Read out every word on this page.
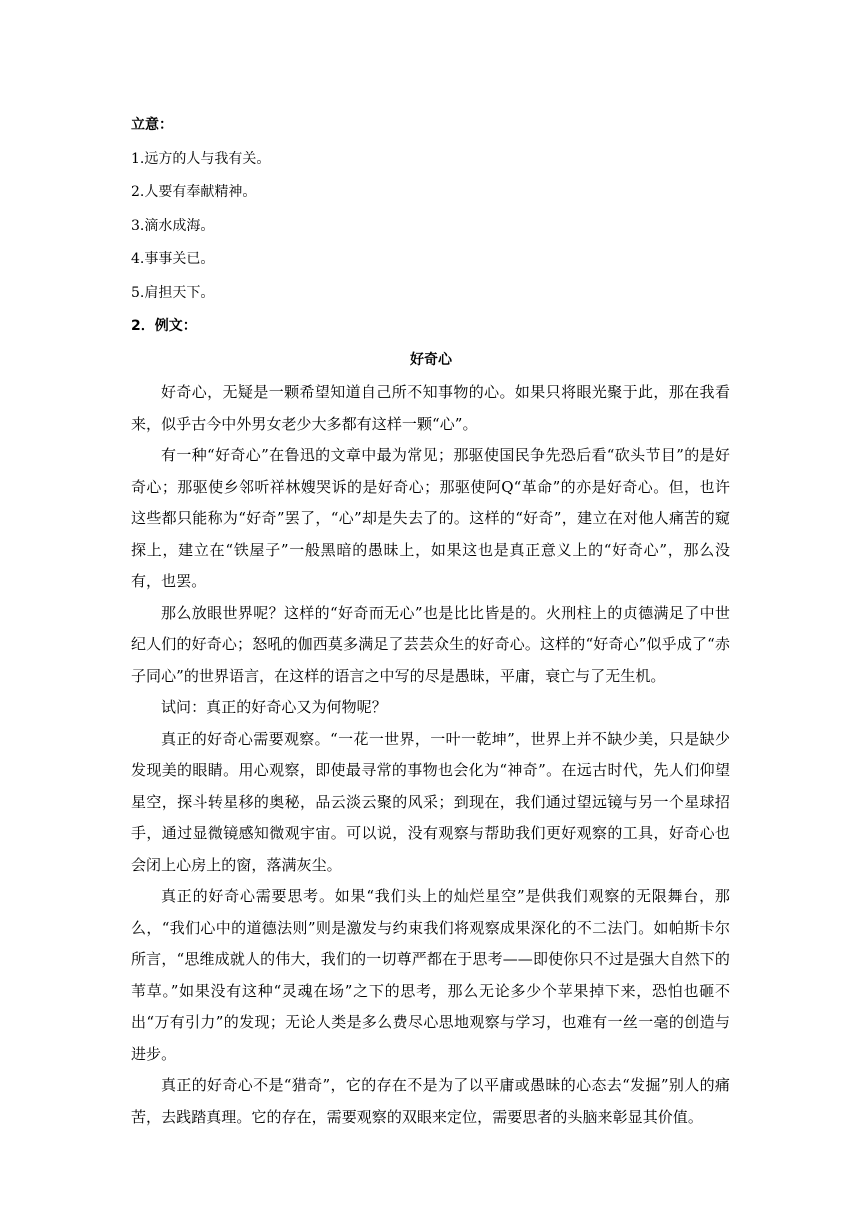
立意：
1.远方的人与我有关。
2.人要有奉献精神。
3.滴水成海。
4.事事关已。
5.肩担天下。
2．例文：
好奇心

好奇心，无疑是一颗希望知道自己所不知事物的心。如果只将眼光聚于此，那在我看来，似乎古今中外男女老少大多都有这样一颗“心”。

有一种“好奇心”在鲁迅的文章中最为常见；那驱使国民争先恐后看“砍头节目”的是好奇心；那驱使乡邻听祥林嫂哭诉的是好奇心；那驱使阿Q“革命”的亦是好奇心。但，也许这些都只能称为“好奇”罢了，“心”却是失去了的。这样的“好奇”，建立在对他人痛苦的窥探上，建立在“铁屋子”一般黑暗的愚昧上，如果这也是真正意义上的“好奇心”，那么没有，也罢。

那么放眼世界呢？这样的“好奇而无心”也是比比皆是的。火刑柱上的贞德满足了中世纪人们的好奇心；怒吼的伽西莫多满足了芸芸众生的好奇心。这样的“好奇心”似乎成了“赤子同心”的世界语言，在这样的语言之中写的尽是愚昧，平庸，衰亡与了无生机。

试问：真正的好奇心又为何物呢？

真正的好奇心需要观察。“一花一世界，一叶一乾坤”，世界上并不缺少美，只是缺少发现美的眼睛。用心观察，即使最寻常的事物也会化为“神奇”。在远古时代，先人们仰望星空，探斗转星移的奥秘，品云淡云聚的风采；到现在，我们通过望远镜与另一个星球招手，通过显微镜感知微观宇宙。可以说，没有观察与帮助我们更好观察的工具，好奇心也会闭上心房上的窗，落满灰尘。

真正的好奇心需要思考。如果“我们头上的灿烂星空”是供我们观察的无限舞台，那么，“我们心中的道德法则”则是激发与约束我们将观察成果深化的不二法门。如帕斯卡尔所言，“思维成就人的伟大，我们的一切尊严都在于思考——即使你只不过是强大自然下的苇草。”如果没有这种“灵魂在场”之下的思考，那么无论多少个苹果掉下来，恐怕也砸不出“万有引力”的发现；无论人类是多么费尽心思地观察与学习，也难有一丝一毫的创造与进步。

真正的好奇心不是“猎奇”，它的存在不是为了以平庸或愚昧的心态去“发掘”别人的痛苦，去践踏真理。它的存在，需要观察的双眼来定位，需要思者的头脑来彰显其价值。
